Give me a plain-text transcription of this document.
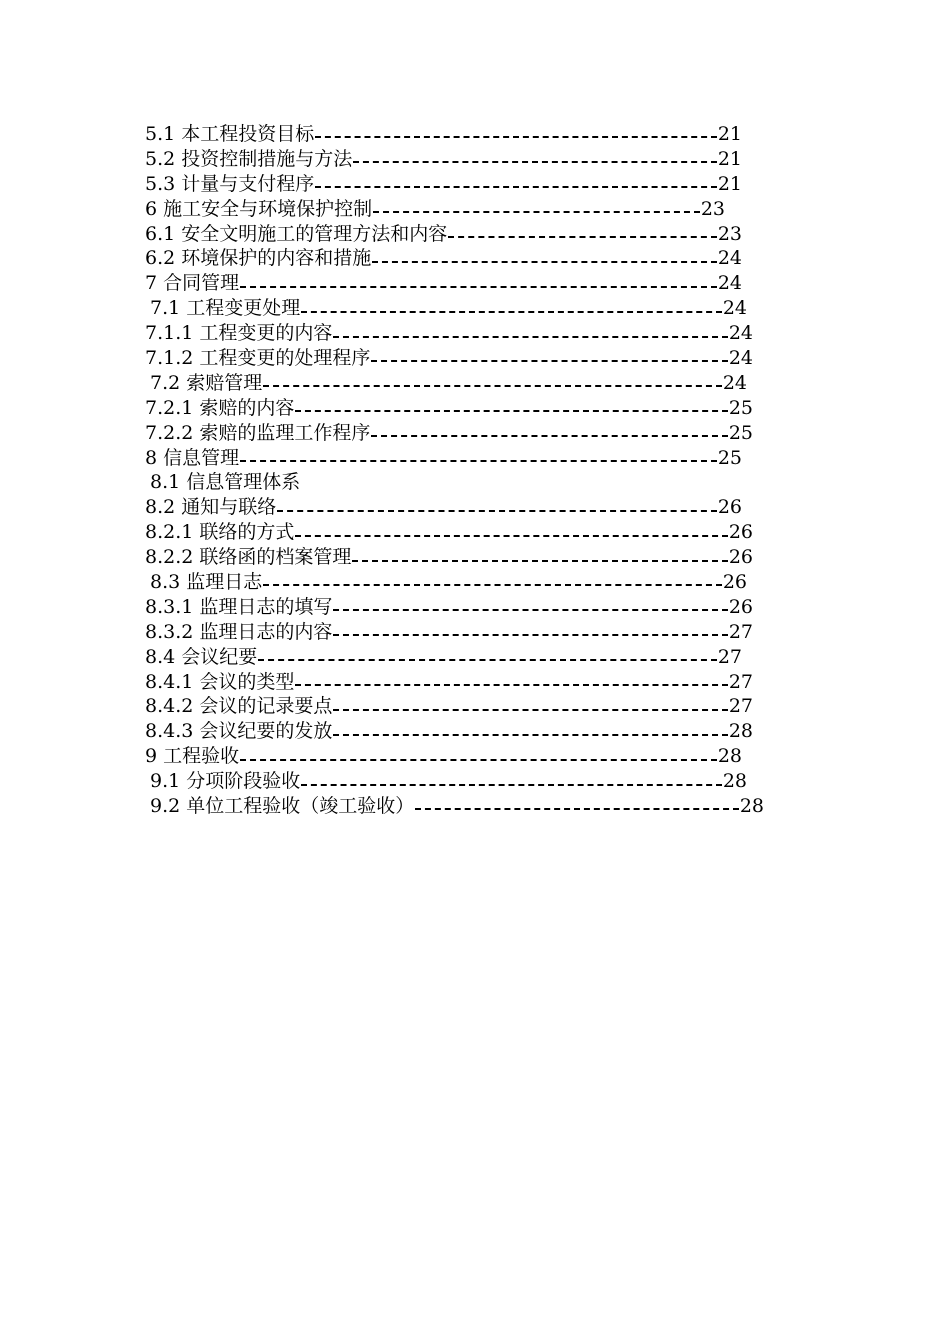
5.1 本工程投资目标	21
5.2 投资控制措施与方法	21
5.3 计量与支付程序	21
6 施工安全与环境保护控制	23
6.1 安全文明施工的管理方法和内容	23
6.2 环境保护的内容和措施	24
7 合同管理	24
7.1 工程变更处理	24
7.1.1 工程变更的内容	24
7.1.2 工程变更的处理程序	24
7.2 索赔管理	24
7.2.1 索赔的内容	25
7.2.2 索赔的监理工作程序	25
8 信息管理	25
8.1 信息管理体系
8.2 通知与联络	26
8.2.1 联络的方式	26
8.2.2 联络函的档案管理	26
8.3 监理日志	26
8.3.1 监理日志的填写	26
8.3.2 监理日志的内容	27
8.4 会议纪要	27
8.4.1 会议的类型	27
8.4.2 会议的记录要点	27
8.4.3 会议纪要的发放	28
9 工程验收	28
9.1 分项阶段验收	28
9.2 单位工程验收（竣工验收）	28
